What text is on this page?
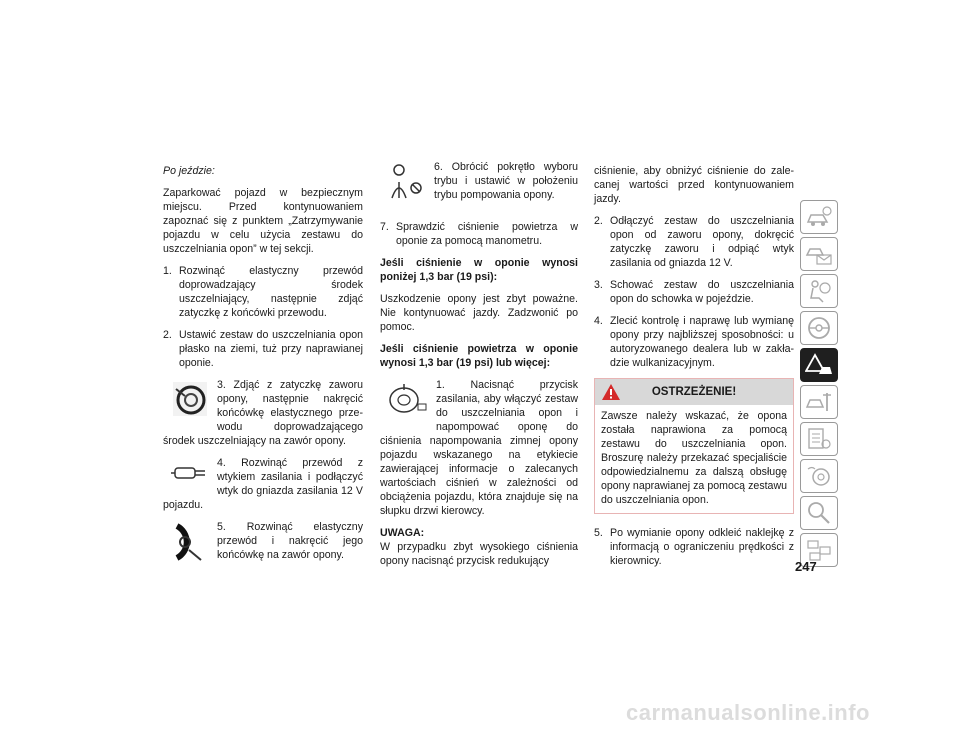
Po jeździe:

Zaparkować pojazd w bezpiecznym miejscu. Przed kontynuowaniem zapoznać się z punktem „Zatrzymywanie pojazdu w celu użycia zestawu do uszczelniania opon” w tej sekcji.

1. Rozwinąć elastyczny przewód doprowadzający środek uszczelniający, następnie zdjąć zatyczkę z końcówki przewodu.
2. Ustawić zestaw do uszczelniania opon płasko na ziemi, tuż przy naprawianej oponie.
3. Zdjąć z zatyczkę zaworu opony, następnie nakręcić końcówkę elastycznego przewodu doprowadzającego środek uszczelniający na zawór opony.
4. Rozwinąć przewód z wtykiem zasilania i podłączyć wtyk do gniazda zasilania 12 V pojazdu.
5. Rozwinąć elastyczny przewód i nakręcić jego końcówkę na zawór opony.
6. Obrócić pokrętło wyboru trybu i ustawić w położeniu trybu pompowania opony.
7. Sprawdzić ciśnienie powietrza w oponie za pomocą manometru.

Jeśli ciśnienie w oponie wynosi poniżej 1,3 bar (19 psi):

Uszkodzenie opony jest zbyt poważne. Nie kontynuować jazdy. Zadzwonić po pomoc.

Jeśli ciśnienie powietrza w oponie wynosi 1,3 bar (19 psi) lub więcej:

1. Nacisnąć przycisk zasilania, aby włączyć zestaw do uszczelniania opon i napompować oponę do ciśnienia napompowania zimnej opony pojazdu wskazanego na etykiecie zawierającej informacje o zalecanych wartościach ciśnień w zależności od obciążenia pojazdu, która znajduje się na słupku drzwi kierowcy.
UWAGA:

W przypadku zbyt wysokiego ciśnienia opony nacisnąć przycisk redukujący

ciśnienie, aby obniżyć ciśnienie do zalecanej wartości przed kontynuowaniem jazdy.

2. Odłączyć zestaw do uszczelniania opon od zaworu opony, dokręcić zatyczkę zaworu i odpiąć wtyk zasilania od gniazda 12 V.
3. Schować zestaw do uszczelniania opon do schowka w pojeździe.
4. Zlecić kontrolę i naprawę lub wymianę opony przy najbliższej sposobności: u autoryzowanego dealera lub w zakładzie wulkanizacyjnym.
OSTRZEŻENIE!
Zawsze należy wskazać, że opona została naprawiona za pomocą zestawu do uszczelniania opon. Broszurę należy przekazać specjaliście odpowiedzialnemu za dalszą obsługę opony naprawianej za pomocą zestawu do uszczelniania opon.
5. Po wymianie opony odkleić naklejkę z informacją o ograniczeniu prędkości z kierownicy.	247
carmanualsonline.info
